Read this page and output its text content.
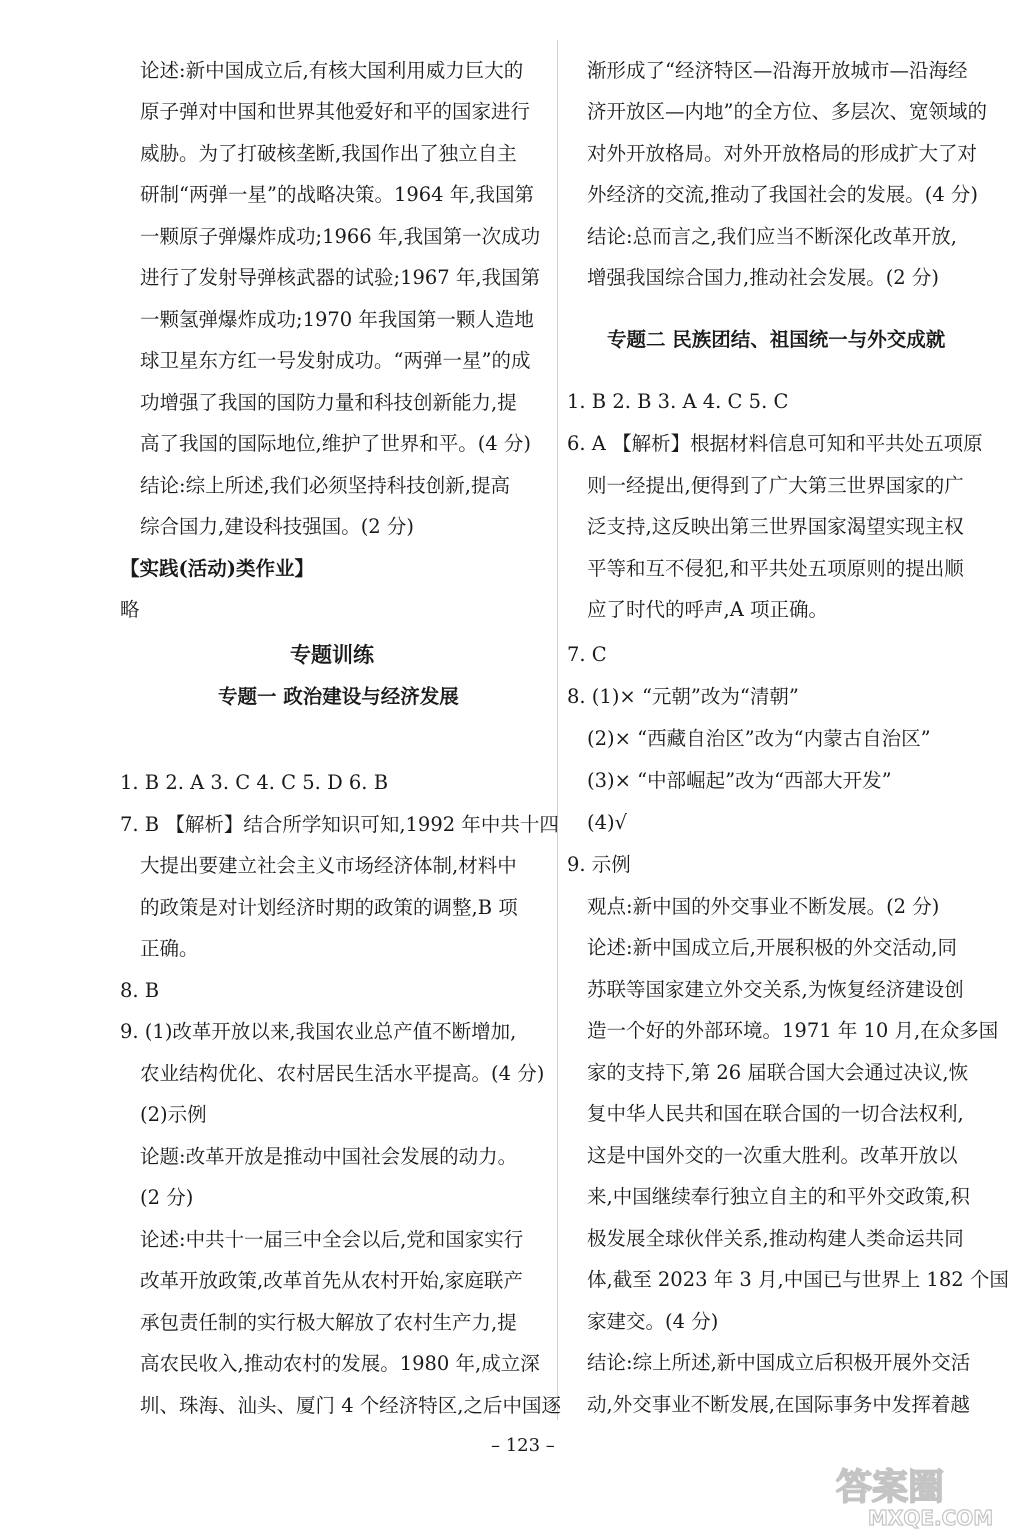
论述:新中国成立后,有核大国利用威力巨大的
原子弹对中国和世界其他爱好和平的国家进行
威胁。为了打破核垄断,我国作出了独立自主
研制“两弹一星”的战略决策。1964 年,我国第
一颗原子弹爆炸成功;1966 年,我国第一次成功
进行了发射导弹核武器的试验;1967 年,我国第
一颗氢弹爆炸成功;1970 年我国第一颗人造地
球卫星东方红一号发射成功。“两弹一星”的成
功增强了我国的国防力量和科技创新能力,提
高了我国的国际地位,维护了世界和平。(4 分)
结论:综上所述,我们必须坚持科技创新,提高
综合国力,建设科技强国。(2 分)
【实践(活动)类作业】
略
专题训练
专题一 政治建设与经济发展
1. B 2. A 3. C 4. C 5. D 6. B
7. B 【解析】结合所学知识可知,1992 年中共十四
大提出要建立社会主义市场经济体制,材料中
的政策是对计划经济时期的政策的调整,B 项
正确。
8. B
9. (1)改革开放以来,我国农业总产值不断增加,
农业结构优化、农村居民生活水平提高。(4 分)
(2)示例
论题:改革开放是推动中国社会发展的动力。
(2 分)
论述:中共十一届三中全会以后,党和国家实行
改革开放政策,改革首先从农村开始,家庭联产
承包责任制的实行极大解放了农村生产力,提
高农民收入,推动农村的发展。1980 年,成立深
圳、珠海、汕头、厦门 4 个经济特区,之后中国逐
渐形成了“经济特区—沿海开放城市—沿海经
济开放区—内地”的全方位、多层次、宽领域的
对外开放格局。对外开放格局的形成扩大了对
外经济的交流,推动了我国社会的发展。(4 分)
结论:总而言之,我们应当不断深化改革开放,
增强我国综合国力,推动社会发展。(2 分)
专题二 民族团结、祖国统一与外交成就
1. B 2. B 3. A 4. C 5. C
6. A 【解析】根据材料信息可知和平共处五项原
则一经提出,便得到了广大第三世界国家的广
泛支持,这反映出第三世界国家渴望实现主权
平等和互不侵犯,和平共处五项原则的提出顺
应了时代的呼声,A 项正确。
7. C
8. (1)× “元朝”改为“清朝”
(2)× “西藏自治区”改为“内蒙古自治区”
(3)× “中部崛起”改为“西部大开发”
(4)√
9. 示例
观点:新中国的外交事业不断发展。(2 分)
论述:新中国成立后,开展积极的外交活动,同
苏联等国家建立外交关系,为恢复经济建设创
造一个好的外部环境。1971 年 10 月,在众多国
家的支持下,第 26 届联合国大会通过决议,恢
复中华人民共和国在联合国的一切合法权利,
这是中国外交的一次重大胜利。改革开放以
来,中国继续奉行独立自主的和平外交政策,积
极发展全球伙伴关系,推动构建人类命运共同
体,截至 2023 年 3 月,中国已与世界上 182 个国
家建交。(4 分)
结论:综上所述,新中国成立后积极开展外交活
动,外交事业不断发展,在国际事务中发挥着越
– 123 –
答案圈
MXQE.COM
